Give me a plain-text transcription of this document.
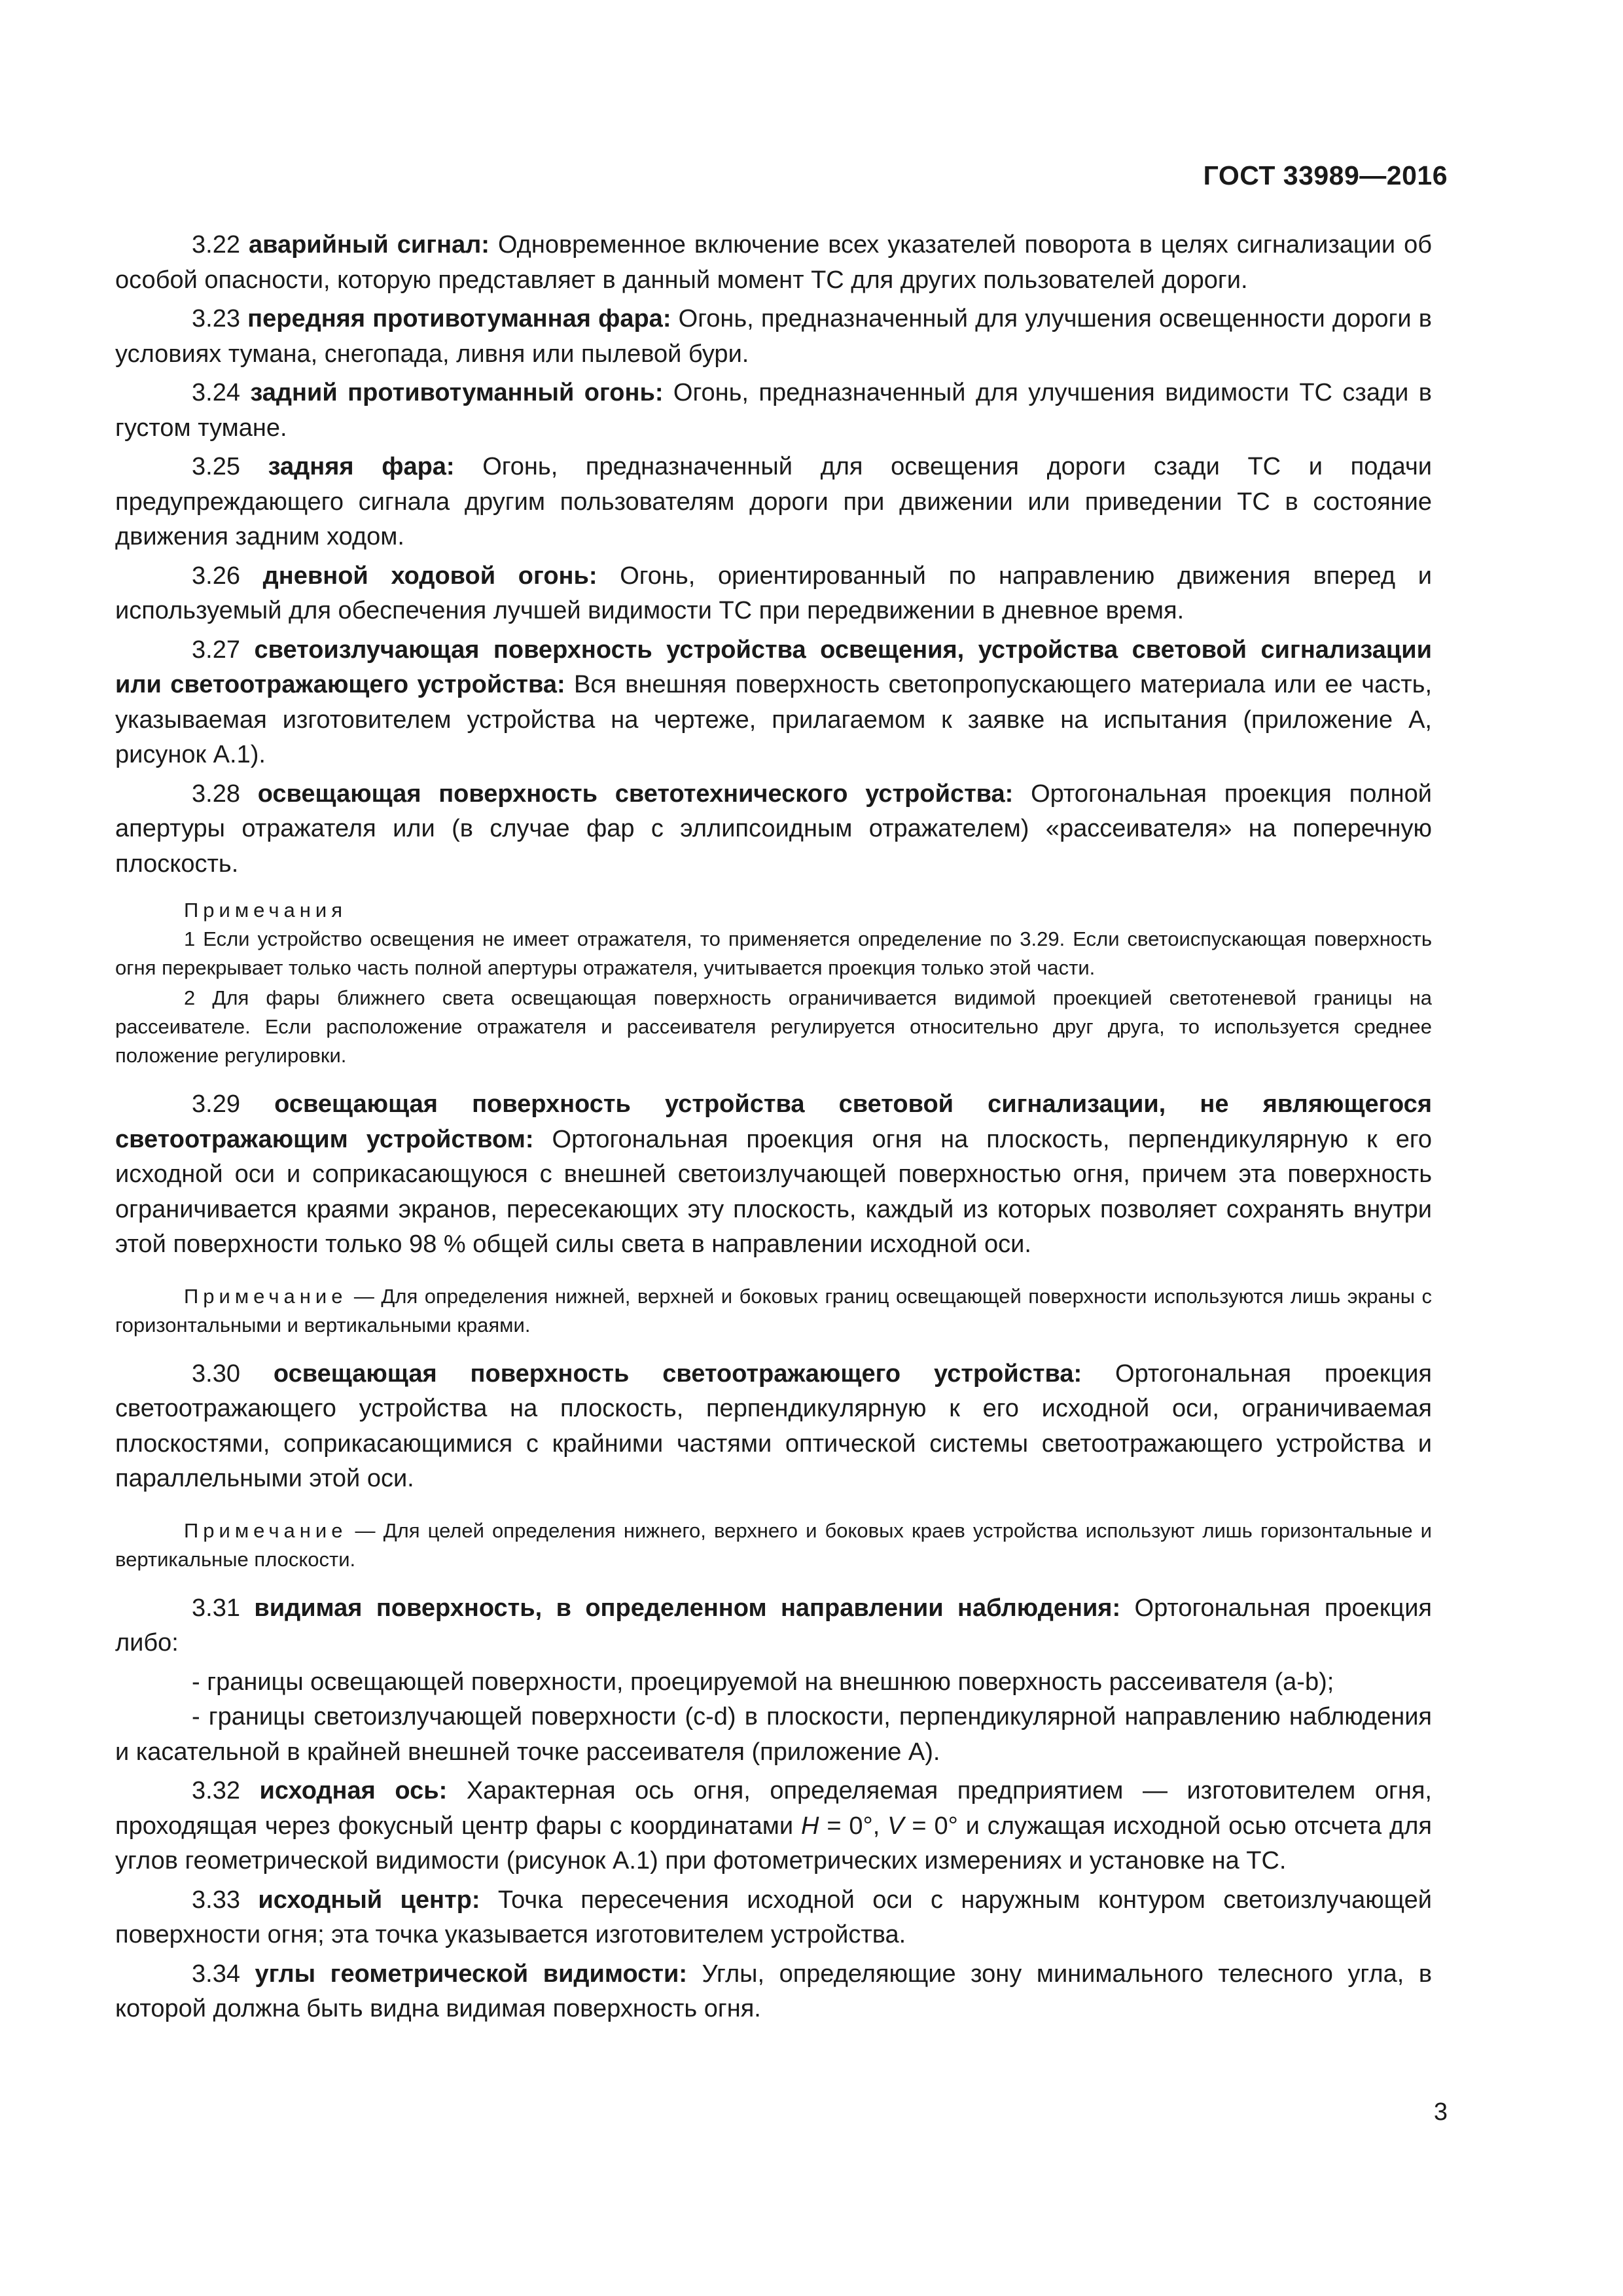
ГОСТ 33989—2016

3.22 аварийный сигнал: Одновременное включение всех указателей поворота в целях сигнализации об особой опасности, которую представляет в данный момент ТС для других пользователей дороги.

3.23 передняя противотуманная фара: Огонь, предназначенный для улучшения освещенности дороги в условиях тумана, снегопада, ливня или пылевой бури.

3.24 задний противотуманный огонь: Огонь, предназначенный для улучшения видимости ТС сзади в густом тумане.

3.25 задняя фара: Огонь, предназначенный для освещения дороги сзади ТС и подачи предупреждающего сигнала другим пользователям дороги при движении или приведении ТС в состояние движения задним ходом.

3.26 дневной ходовой огонь: Огонь, ориентированный по направлению движения вперед и используемый для обеспечения лучшей видимости ТС при передвижении в дневное время.

3.27 светоизлучающая поверхность устройства освещения, устройства световой сигнализации или светоотражающего устройства: Вся внешняя поверхность светопропускающего материала или ее часть, указываемая изготовителем устройства на чертеже, прилагаемом к заявке на испытания (приложение А, рисунок А.1).

3.28 освещающая поверхность светотехнического устройства: Ортогональная проекция полной апертуры отражателя или (в случае фар с эллипсоидным отражателем) «рассеивателя» на поперечную плоскость.

Примечания

1 Если устройство освещения не имеет отражателя, то применяется определение по 3.29. Если светоиспускающая поверхность огня перекрывает только часть полной апертуры отражателя, учитывается проекция только этой части.

2 Для фары ближнего света освещающая поверхность ограничивается видимой проекцией светотеневой границы на рассеивателе. Если расположение отражателя и рассеивателя регулируется относительно друг друга, то используется среднее положение регулировки.

3.29 освещающая поверхность устройства световой сигнализации, не являющегося светоотражающим устройством: Ортогональная проекция огня на плоскость, перпендикулярную к его исходной оси и соприкасающуюся с внешней светоизлучающей поверхностью огня, причем эта поверхность ограничивается краями экранов, пересекающих эту плоскость, каждый из которых позволяет сохранять внутри этой поверхности только 98 % общей силы света в направлении исходной оси.

Примечание — Для определения нижней, верхней и боковых границ освещающей поверхности используются лишь экраны с горизонтальными и вертикальными краями.

3.30 освещающая поверхность светоотражающего устройства: Ортогональная проекция светоотражающего устройства на плоскость, перпендикулярную к его исходной оси, ограничиваемая плоскостями, соприкасающимися с крайними частями оптической системы светоотражающего устройства и параллельными этой оси.

Примечание — Для целей определения нижнего, верхнего и боковых краев устройства используют лишь горизонтальные и вертикальные плоскости.

3.31 видимая поверхность, в определенном направлении наблюдения: Ортогональная проекция либо:

- границы освещающей поверхности, проецируемой на внешнюю поверхность рассеивателя (a-b);

- границы светоизлучающей поверхности (c-d) в плоскости, перпендикулярной направлению наблюдения и касательной в крайней внешней точке рассеивателя (приложение А).

3.32 исходная ось: Характерная ось огня, определяемая предприятием — изготовителем огня, проходящая через фокусный центр фары с координатами H = 0°, V = 0° и служащая исходной осью отсчета для углов геометрической видимости (рисунок А.1) при фотометрических измерениях и установке на ТС.

3.33 исходный центр: Точка пересечения исходной оси с наружным контуром светоизлучающей поверхности огня; эта точка указывается изготовителем устройства.

3.34 углы геометрической видимости: Углы, определяющие зону минимального телесного угла, в которой должна быть видна видимая поверхность огня.

3
